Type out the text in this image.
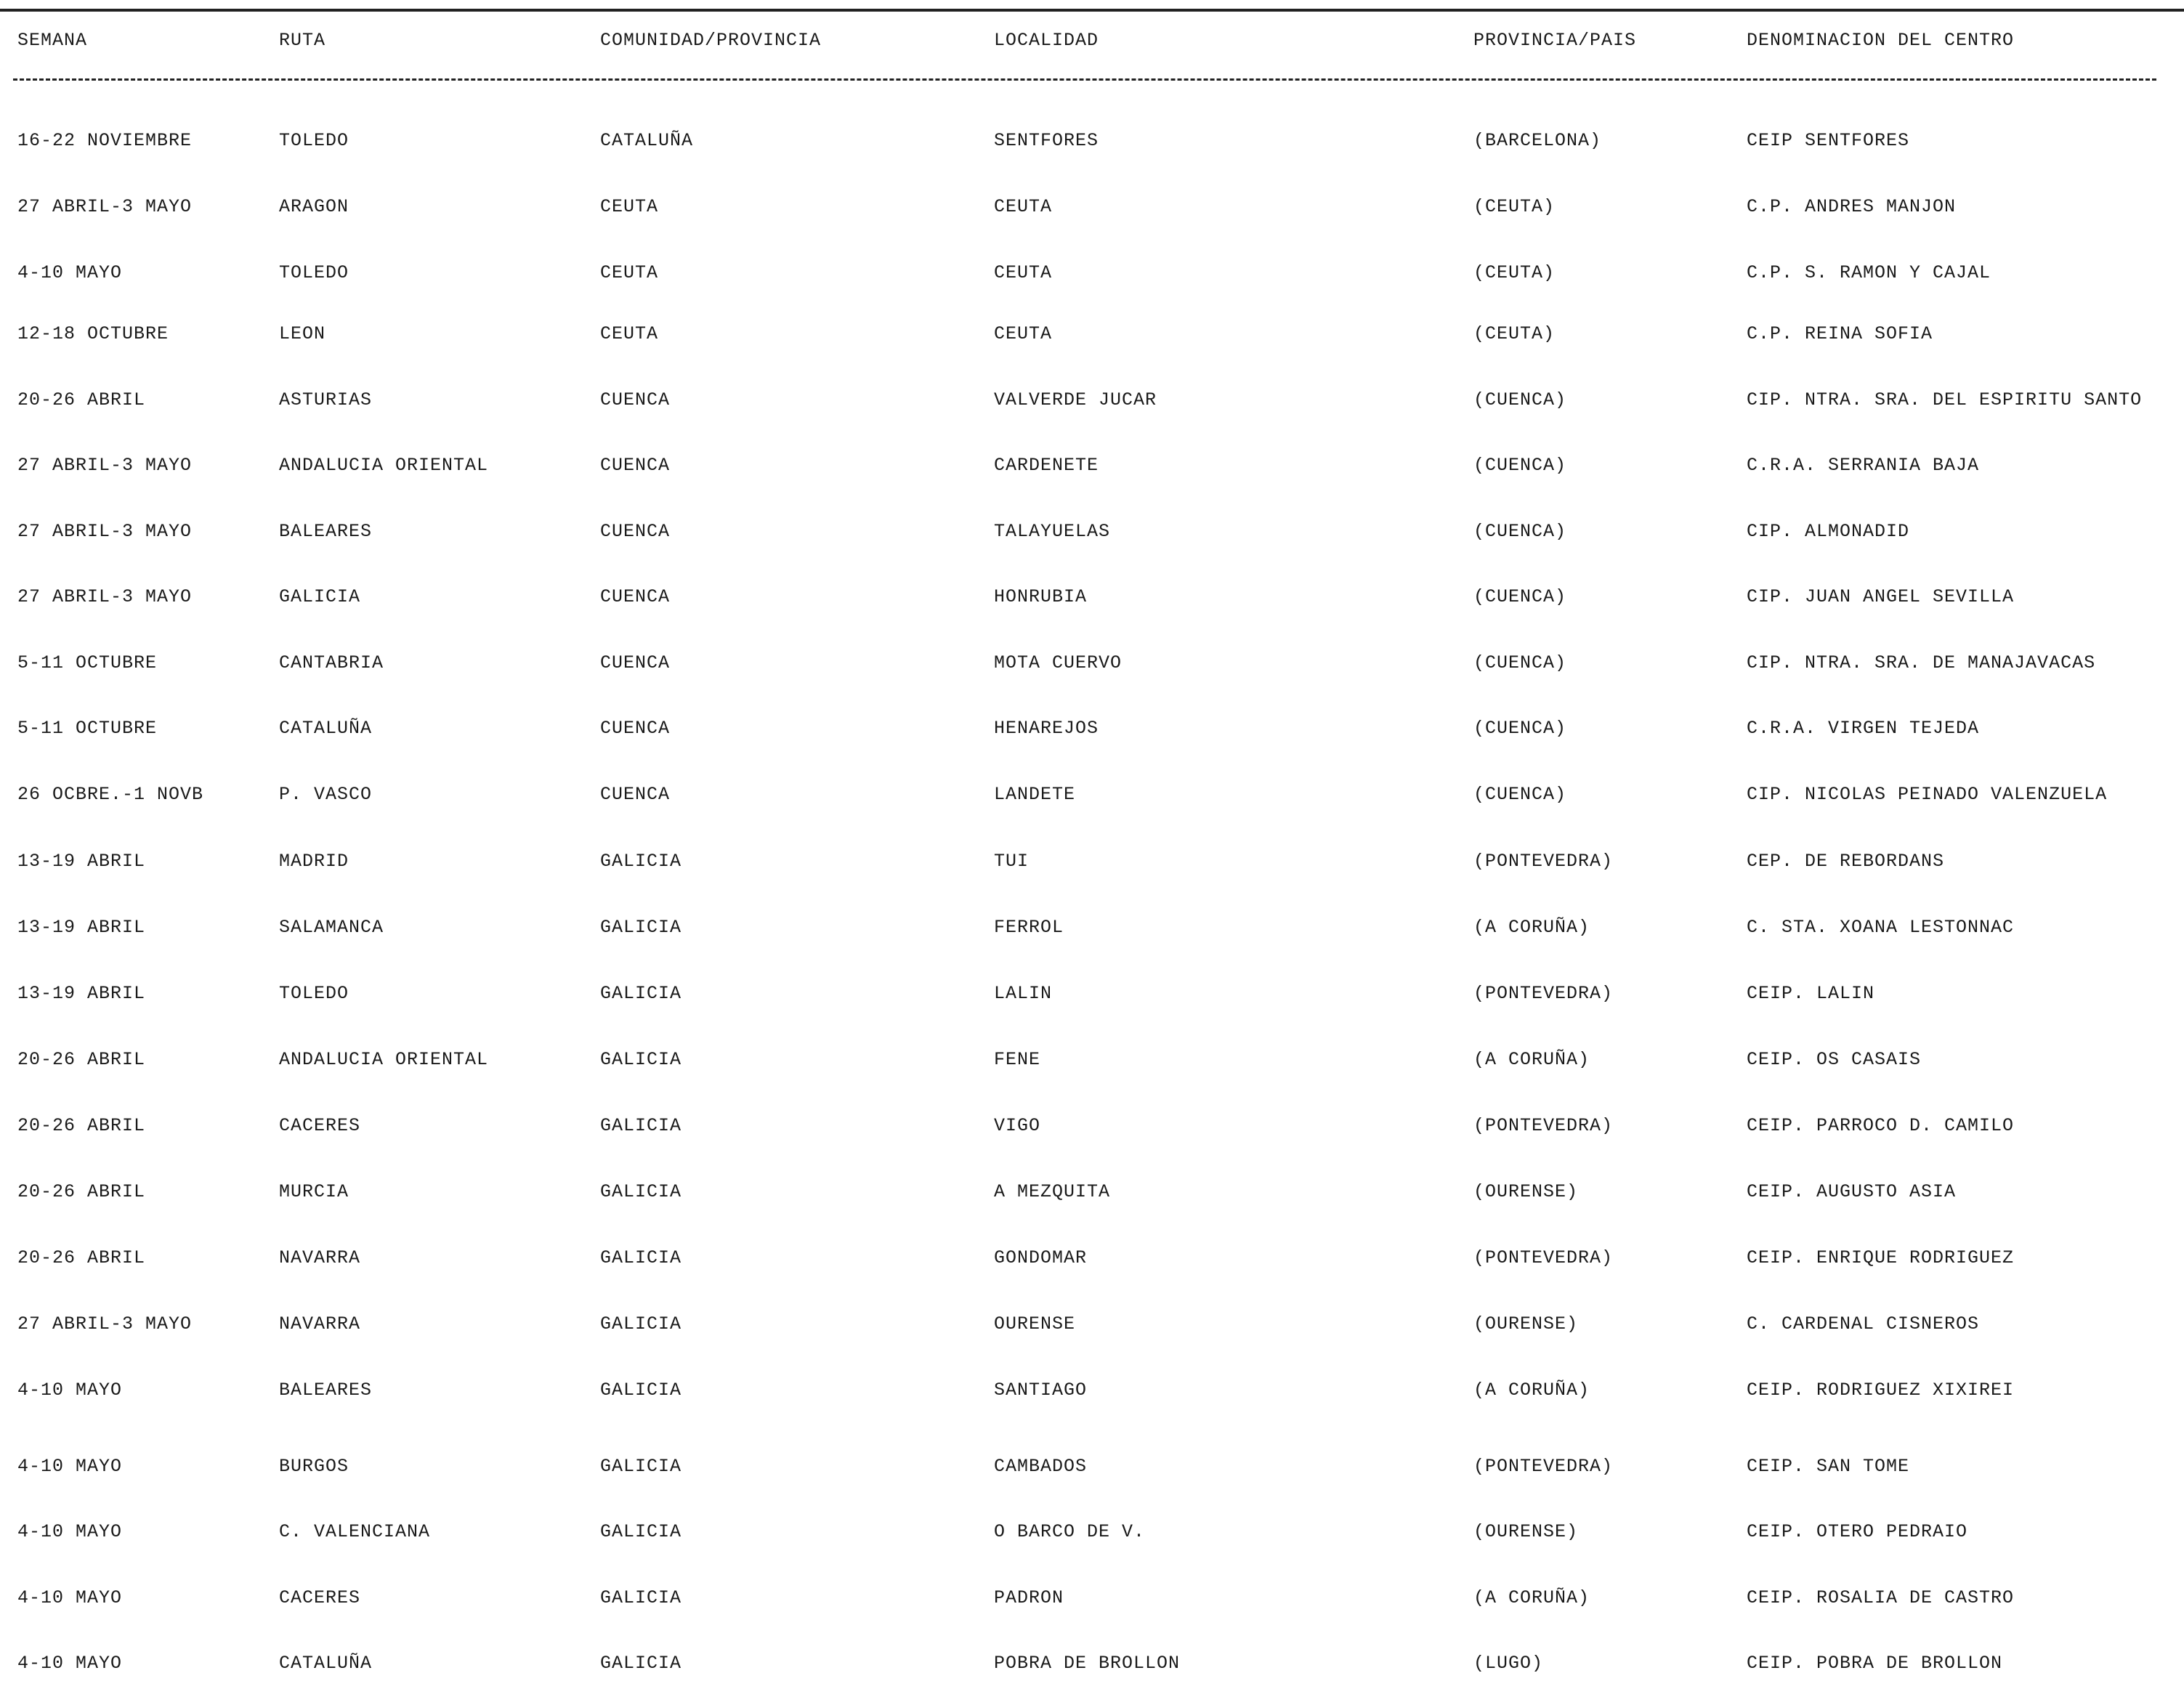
SEMANA	RUTA	COMUNIDAD/PROVINCIA	LOCALIDAD	PROVINCIA/PAIS	DENOMINACION DEL CENTRO
16-22 NOVIEMBRE	TOLEDO	CATALUÑA	SENTFORES	(BARCELONA)	CEIP SENTFORES
27 ABRIL-3 MAYO	ARAGON	CEUTA	CEUTA	(CEUTA)	C.P. ANDRES MANJON
4-10 MAYO	TOLEDO	CEUTA	CEUTA	(CEUTA)	C.P. S. RAMON Y CAJAL
12-18 OCTUBRE	LEON	CEUTA	CEUTA	(CEUTA)	C.P. REINA SOFIA
20-26 ABRIL	ASTURIAS	CUENCA	VALVERDE JUCAR	(CUENCA)	CIP. NTRA. SRA. DEL ESPIRITU SANTO
27 ABRIL-3 MAYO	ANDALUCIA ORIENTAL	CUENCA	CARDENETE	(CUENCA)	C.R.A. SERRANIA BAJA
27 ABRIL-3 MAYO	BALEARES	CUENCA	TALAYUELAS	(CUENCA)	CIP. ALMONADID
27 ABRIL-3 MAYO	GALICIA	CUENCA	HONRUBIA	(CUENCA)	CIP. JUAN ANGEL SEVILLA
5-11 OCTUBRE	CANTABRIA	CUENCA	MOTA CUERVO	(CUENCA)	CIP. NTRA. SRA. DE MANAJAVACAS
5-11 OCTUBRE	CATALUÑA	CUENCA	HENAREJOS	(CUENCA)	C.R.A. VIRGEN TEJEDA
26 OCBRE.-1 NOVB	P. VASCO	CUENCA	LANDETE	(CUENCA)	CIP. NICOLAS PEINADO VALENZUELA
13-19 ABRIL	MADRID	GALICIA	TUI	(PONTEVEDRA)	CEP. DE REBORDANS
13-19 ABRIL	SALAMANCA	GALICIA	FERROL	(A CORUÑA)	C. STA. XOANA LESTONNAC
13-19 ABRIL	TOLEDO	GALICIA	LALIN	(PONTEVEDRA)	CEIP. LALIN
20-26 ABRIL	ANDALUCIA ORIENTAL	GALICIA	FENE	(A CORUÑA)	CEIP. OS CASAIS
20-26 ABRIL	CACERES	GALICIA	VIGO	(PONTEVEDRA)	CEIP. PARROCO D. CAMILO
20-26 ABRIL	MURCIA	GALICIA	A MEZQUITA	(OURENSE)	CEIP. AUGUSTO ASIA
20-26 ABRIL	NAVARRA	GALICIA	GONDOMAR	(PONTEVEDRA)	CEIP. ENRIQUE RODRIGUEZ
27 ABRIL-3 MAYO	NAVARRA	GALICIA	OURENSE	(OURENSE)	C. CARDENAL CISNEROS
4-10 MAYO	BALEARES	GALICIA	SANTIAGO	(A CORUÑA)	CEIP. RODRIGUEZ XIXIREI
4-10 MAYO	BURGOS	GALICIA	CAMBADOS	(PONTEVEDRA)	CEIP. SAN TOME
4-10 MAYO	C. VALENCIANA	GALICIA	O BARCO DE V.	(OURENSE)	CEIP. OTERO PEDRAIO
4-10 MAYO	CACERES	GALICIA	PADRON	(A CORUÑA)	CEIP. ROSALIA DE CASTRO
4-10 MAYO	CATALUÑA	GALICIA	POBRA DE BROLLON	(LUGO)	CEIP. POBRA DE BROLLON
